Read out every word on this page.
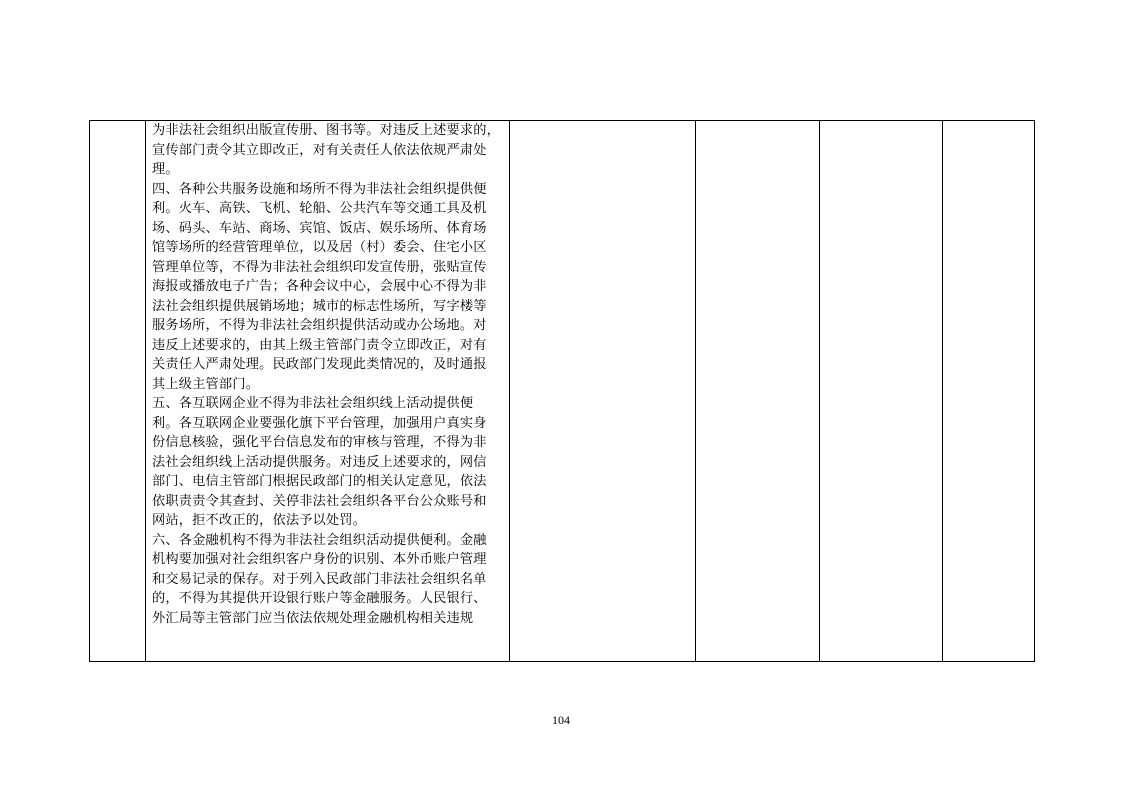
为非法社会组织出版宣传册、图书等。对违反上述要求的，
宣传部门责令其立即改正，对有关责任人依法依规严肃处
理。
四、各种公共服务设施和场所不得为非法社会组织提供便
利。火车、高铁、飞机、轮船、公共汽车等交通工具及机
场、码头、车站、商场、宾馆、饭店、娱乐场所、体育场
馆等场所的经营管理单位，以及居（村）委会、住宅小区
管理单位等，不得为非法社会组织印发宣传册，张贴宣传
海报或播放电子广告；各种会议中心，会展中心不得为非
法社会组织提供展销场地；城市的标志性场所，写字楼等
服务场所，不得为非法社会组织提供活动或办公场地。对
违反上述要求的，由其上级主管部门责令立即改正，对有
关责任人严肃处理。民政部门发现此类情况的，及时通报
其上级主管部门。
五、各互联网企业不得为非法社会组织线上活动提供便
利。各互联网企业要强化旗下平台管理，加强用户真实身
份信息核验，强化平台信息发布的审核与管理，不得为非
法社会组织线上活动提供服务。对违反上述要求的，网信
部门、电信主管部门根据民政部门的相关认定意见，依法
依职责责令其查封、关停非法社会组织各平台公众账号和
网站，拒不改正的，依法予以处罚。
六、各金融机构不得为非法社会组织活动提供便利。金融
机构要加强对社会组织客户身份的识别、本外币账户管理
和交易记录的保存。对于列入民政部门非法社会组织名单
的，不得为其提供开设银行账户等金融服务。人民银行、
外汇局等主管部门应当依法依规处理金融机构相关违规

104
